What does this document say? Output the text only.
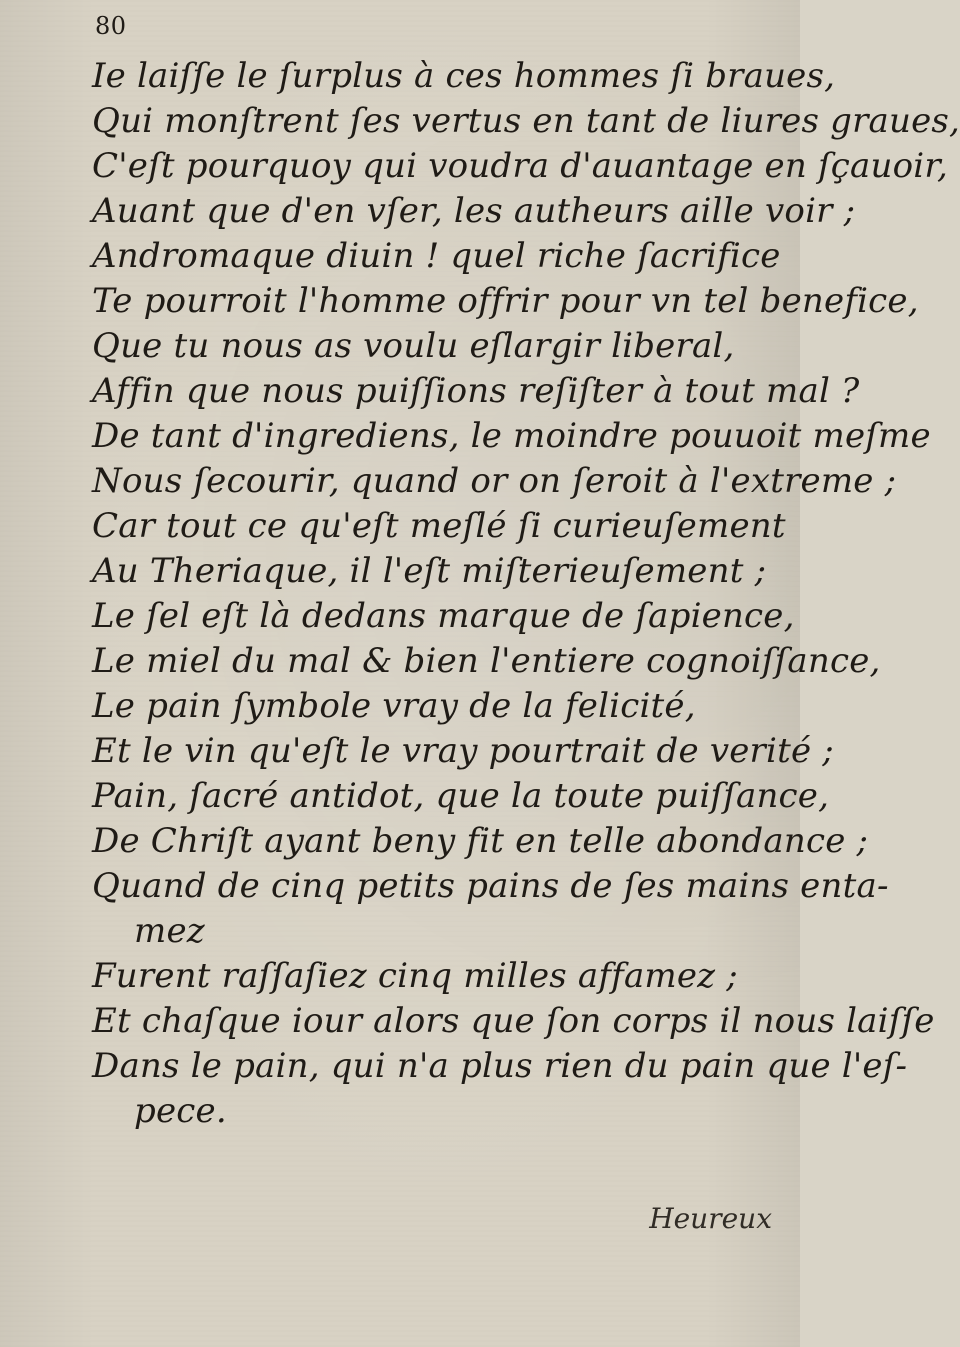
80
Ie laiſſe le ſurplus à ces hommes ſi braues,
Qui monſtrent ſes vertus en tant de liures graues,
C'eſt pourquoy qui voudra d'auantage en ſçauoir,
Auant que d'en vſer, les autheurs aille voir ;
Andromaque diuin ! quel riche ſacrifice
Te pourroit l'homme offrir pour vn tel benefice,
Que tu nous as voulu eſlargir liberal,
Affin que nous puiſſions reſiſter à tout mal ?
De tant d'ingrediens, le moindre pouuoit meſme
Nous ſecourir, quand or on ſeroit à l'extreme ;
Car tout ce qu'eſt meſlé ſi curieuſement
Au Theriaque, il l'eſt miſterieuſement ;
Le ſel eſt là dedans marque de ſapience,
Le miel du mal & bien l'entiere cognoiſſance,
Le pain ſymbole vray de la felicité,
Et le vin qu'eſt le vray pourtrait de verité ;
Pain, ſacré antidot, que la toute puiſſance,
De Chriſt ayant beny fit en telle abondance ;
Quand de cinq petits pains de ſes mains enta-
mez
Furent raſſaſiez cinq milles affamez ;
Et chaſque iour alors que ſon corps il nous laiſſe
Dans le pain, qui n'a plus rien du pain que l'eſ-
pece.
Heureux
